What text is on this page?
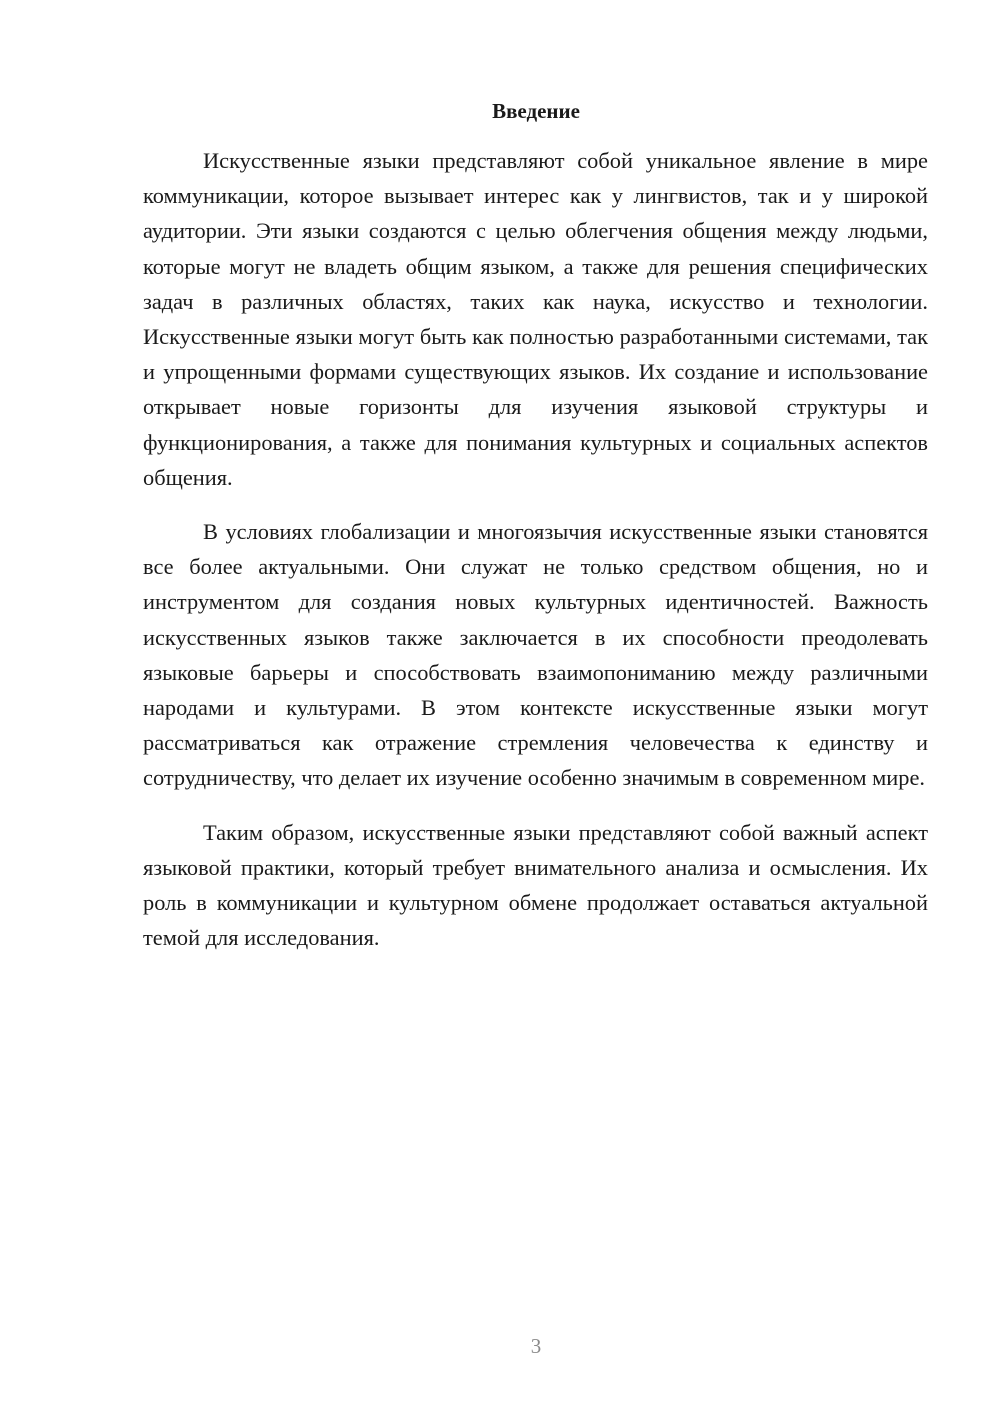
Введение

Искусственные языки представляют собой уникальное явление в мире коммуникации, которое вызывает интерес как у лингвистов, так и у широкой аудитории. Эти языки создаются с целью облегчения общения между людьми, которые могут не владеть общим языком, а также для решения специфических задач в различных областях, таких как наука, искусство и технологии. Искусственные языки могут быть как полностью разработанными системами, так и упрощенными формами существующих языков. Их создание и использование открывает новые горизонты для изучения языковой структуры и функционирования, а также для понимания культурных и социальных аспектов общения.

В условиях глобализации и многоязычия искусственные языки становятся все более актуальными. Они служат не только средством общения, но и инструментом для создания новых культурных идентичностей. Важность искусственных языков также заключается в их способности преодолевать языковые барьеры и способствовать взаимопониманию между различными народами и культурами. В этом контексте искусственные языки могут рассматриваться как отражение стремления человечества к единству и сотрудничеству, что делает их изучение особенно значимым в современном мире.

Таким образом, искусственные языки представляют собой важный аспект языковой практики, который требует внимательного анализа и осмысления. Их роль в коммуникации и культурном обмене продолжает оставаться актуальной темой для исследования.

3
